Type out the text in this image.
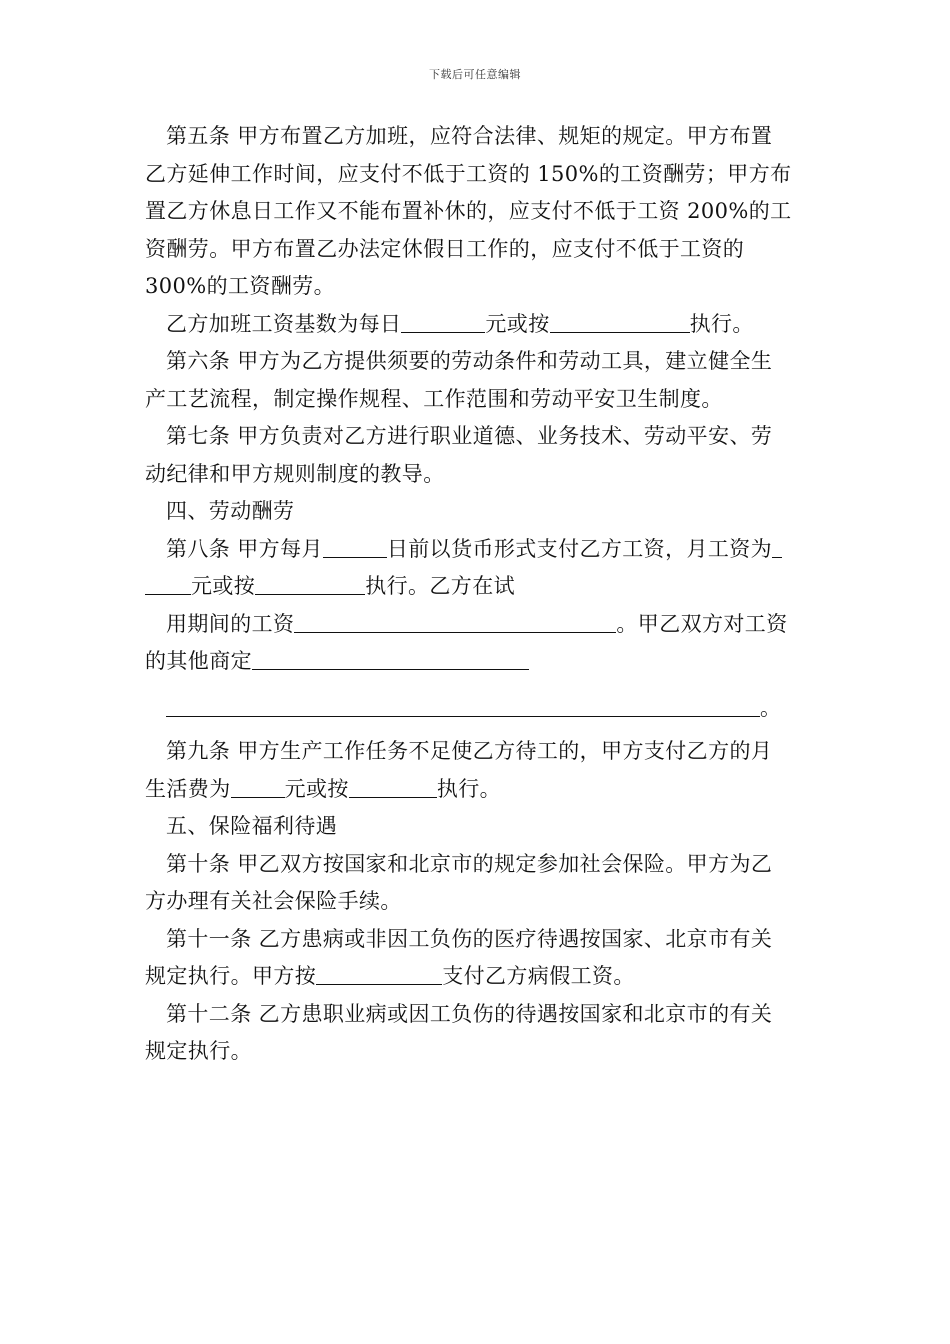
下载后可任意编辑
第五条 甲方布置乙方加班，应符合法律、规矩的规定。甲方布置
乙方延伸工作时间，应支付不低于工资的 150%的工资酬劳；甲方布
置乙方休息日工作又不能布置补休的，应支付不低于工资 200%的工
资酬劳。甲方布置乙办法定休假日工作的，应支付不低于工资的
300%的工资酬劳。
乙方加班工资基数为每日	元或按	执行。
第六条 甲方为乙方提供须要的劳动条件和劳动工具，建立健全生
产工艺流程，制定操作规程、工作范围和劳动平安卫生制度。
第七条 甲方负责对乙方进行职业道德、业务技术、劳动平安、劳
动纪律和甲方规则制度的教导。
四、劳动酬劳
第八条 甲方每月	日前以货币形式支付乙方工资，月工资为
元或按	执行。乙方在试
用期间的工资	。甲乙双方对工资
的其他商定
。
第九条 甲方生产工作任务不足使乙方待工的，甲方支付乙方的月
生活费为	元或按	执行。
五、保险福利待遇
第十条 甲乙双方按国家和北京市的规定参加社会保险。甲方为乙
方办理有关社会保险手续。
第十一条 乙方患病或非因工负伤的医疗待遇按国家、北京市有关
规定执行。甲方按	支付乙方病假工资。
第十二条 乙方患职业病或因工负伤的待遇按国家和北京市的有关
规定执行。
